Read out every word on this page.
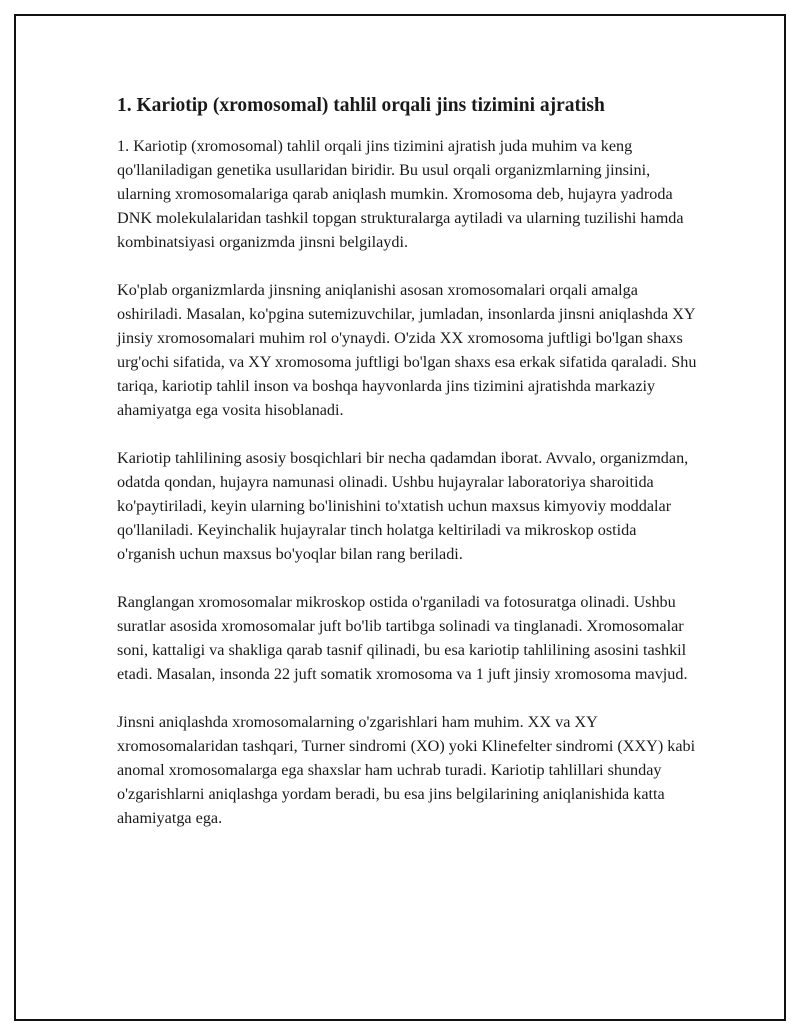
1. Kariotip (xromosomal) tahlil orqali jins tizimini ajratish

1. Kariotip (xromosomal) tahlil orqali jins tizimini ajratish juda muhim va keng qo'llaniladigan genetika usullaridan biridir. Bu usul orqali organizmlarning jinsini, ularning xromosomalariga qarab aniqlash mumkin. Xromosoma deb, hujayra yadroda DNK molekulalaridan tashkil topgan strukturalarga aytiladi va ularning tuzilishi hamda kombinatsiyasi organizmda jinsni belgilaydi.

Ko'plab organizmlarda jinsning aniqlanishi asosan xromosomalari orqali amalga oshiriladi. Masalan, ko'pgina sutemizuvchilar, jumladan, insonlarda jinsni aniqlashda XY jinsiy xromosomalari muhim rol o'ynaydi. O'zida XX xromosoma juftligi bo'lgan shaxs urg'ochi sifatida, va XY xromosoma juftligi bo'lgan shaxs esa erkak sifatida qaraladi. Shu tariqa, kariotip tahlil inson va boshqa hayvonlarda jins tizimini ajratishda markaziy ahamiyatga ega vosita hisoblanadi.

Kariotip tahlilining asosiy bosqichlari bir necha qadamdan iborat. Avvalo, organizmdan, odatda qondan, hujayra namunasi olinadi. Ushbu hujayralar laboratoriya sharoitida ko'paytiriladi, keyin ularning bo'linishini to'xtatish uchun maxsus kimyoviy moddalar qo'llaniladi. Keyinchalik hujayralar tinch holatga keltiriladi va mikroskop ostida o'rganish uchun maxsus bo'yoqlar bilan rang beriladi.

Ranglangan xromosomalar mikroskop ostida o'rganiladi va fotosuratga olinadi. Ushbu suratlar asosida xromosomalar juft bo'lib tartibga solinadi va tinglanadi. Xromosomalar soni, kattaligi va shakliga qarab tasnif qilinadi, bu esa kariotip tahlilining asosini tashkil etadi. Masalan, insonda 22 juft somatik xromosoma va 1 juft jinsiy xromosoma mavjud.

Jinsni aniqlashda xromosomalarning o'zgarishlari ham muhim. XX va XY xromosomalaridan tashqari, Turner sindromi (XO) yoki Klinefelter sindromi (XXY) kabi anomal xromosomalarga ega shaxslar ham uchrab turadi. Kariotip tahlillari shunday o'zgarishlarni aniqlashga yordam beradi, bu esa jins belgilarining aniqlanishida katta ahamiyatga ega.
